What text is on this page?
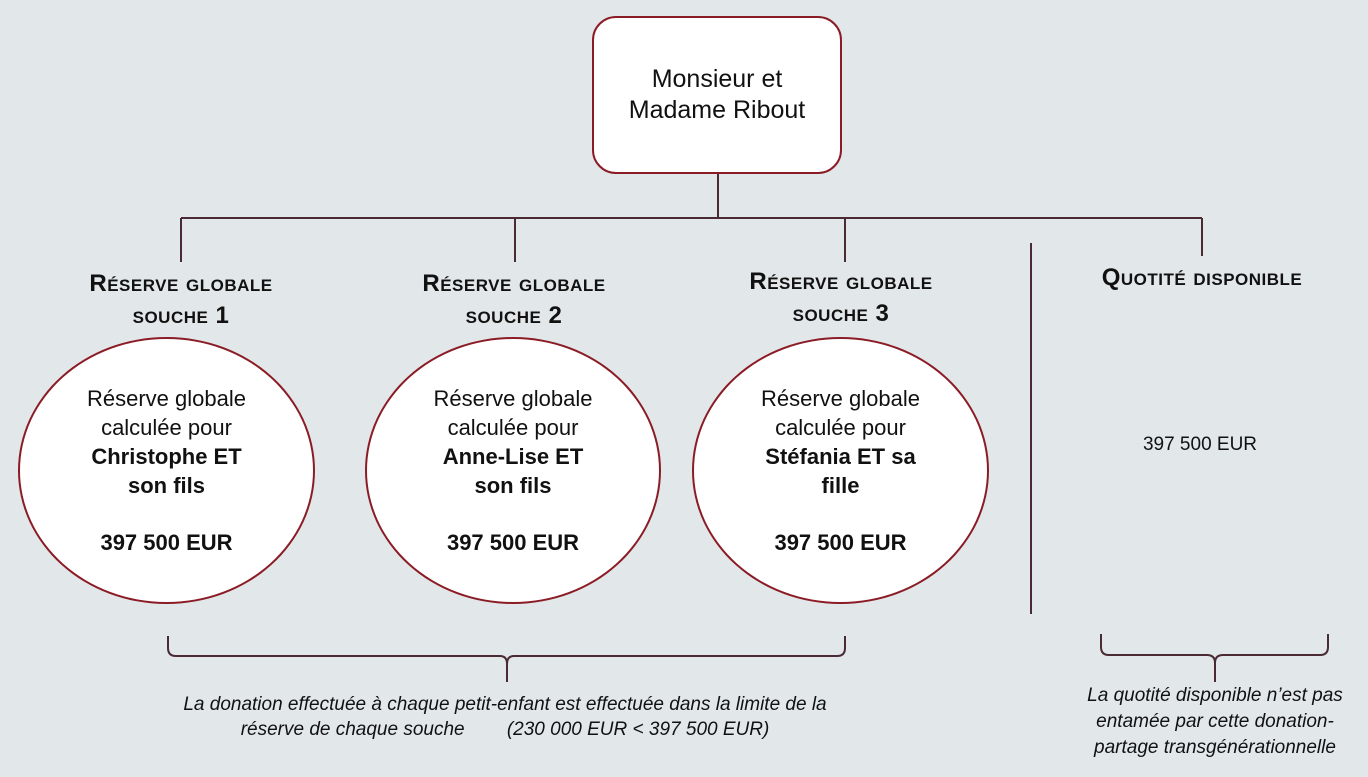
Monsieur et
Madame Ribout
Réserve globale
souche 1
Réserve globale
souche 2
Réserve globale
souche 3
Quotité disponible
Réserve globale
calculée pour
Christophe ET
son fils
397 500 EUR
Réserve globale
calculée pour
Anne-Lise ET
son fils
397 500 EUR
Réserve globale
calculée pour
Stéfania ET sa
fille
397 500 EUR
397 500 EUR
La donation effectuée à chaque petit-enfant est effectuée dans la limite de la
réserve de chaque souche        (230 000 EUR < 397 500 EUR)
La quotité disponible n’est pas
entamée par cette donation-
partage transgénérationnelle
